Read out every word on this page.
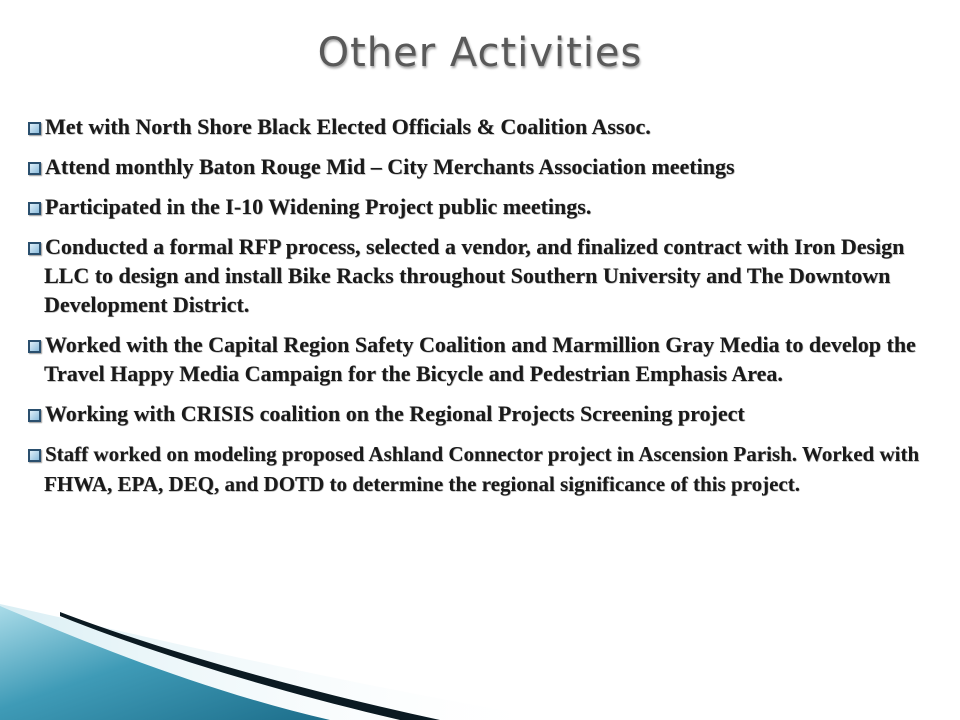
Other Activities
Met with North Shore Black Elected Officials & Coalition Assoc.
Attend monthly Baton Rouge Mid – City Merchants Association meetings
Participated in the I-10 Widening Project public meetings.
Conducted a formal RFP process, selected a vendor, and finalized contract with Iron Design LLC to design and install Bike Racks throughout Southern University and The Downtown Development District.
Worked with the Capital Region Safety Coalition and Marmillion Gray Media to develop the Travel Happy Media Campaign for the Bicycle and Pedestrian Emphasis Area.
Working with CRISIS coalition on the Regional Projects Screening project
Staff worked on modeling proposed Ashland Connector project in Ascension Parish. Worked with FHWA, EPA, DEQ, and DOTD to determine the regional significance of this project.
